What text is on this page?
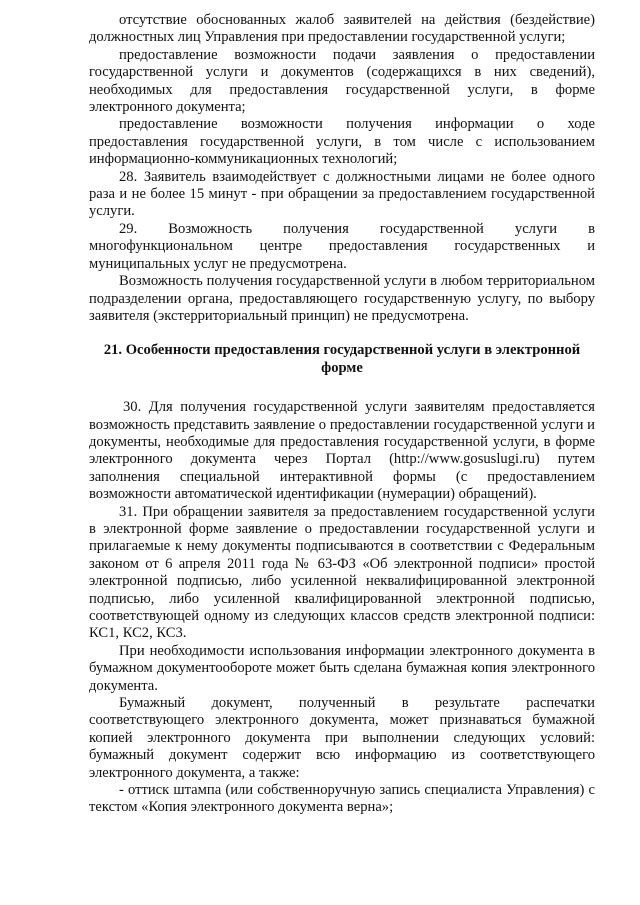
отсутствие обоснованных жалоб заявителей на действия (бездействие) должностных лиц Управления при предоставлении государственной услуги;

предоставление возможности подачи заявления о предоставлении государственной услуги и документов (содержащихся в них сведений), необходимых для предоставления государственной услуги, в форме электронного документа;

предоставление возможности получения информации о ходе предоставления государственной услуги, в том числе с использованием информационно-коммуникационных технологий;

28. Заявитель взаимодействует с должностными лицами не более одного раза и не более 15 минут - при обращении за предоставлением государственной услуги.

29. Возможность получения государственной услуги в многофункциональном центре предоставления государственных и муниципальных услуг не предусмотрена.

Возможность получения государственной услуги в любом территориальном подразделении органа, предоставляющего государственную услугу, по выбору заявителя (экстерриториальный принцип) не предусмотрена.

21. Особенности предоставления государственной услуги в электронной форме

30. Для получения государственной услуги заявителям предоставляется возможность представить заявление о предоставлении государственной услуги и документы, необходимые для предоставления государственной услуги, в форме электронного документа через Портал (http://www.gosuslugi.ru) путем заполнения специальной интерактивной формы (с предоставлением возможности автоматической идентификации (нумерации) обращений).

31. При обращении заявителя за предоставлением государственной услуги в электронной форме заявление о предоставлении государственной услуги и прилагаемые к нему документы подписываются в соответствии с Федеральным законом от 6 апреля 2011 года № 63-ФЗ «Об электронной подписи» простой электронной подписью, либо усиленной неквалифицированной электронной подписью, либо усиленной квалифицированной электронной подписью, соответствующей одному из следующих классов средств электронной подписи: КС1, КС2, КС3.

При необходимости использования информации электронного документа в бумажном документообороте может быть сделана бумажная копия электронного документа.

Бумажный документ, полученный в результате распечатки соответствующего электронного документа, может признаваться бумажной копией электронного документа при выполнении следующих условий: бумажный документ содержит всю информацию из соответствующего электронного документа, а также:

- оттиск штампа (или собственноручную запись специалиста Управления) с текстом «Копия электронного документа верна»;
